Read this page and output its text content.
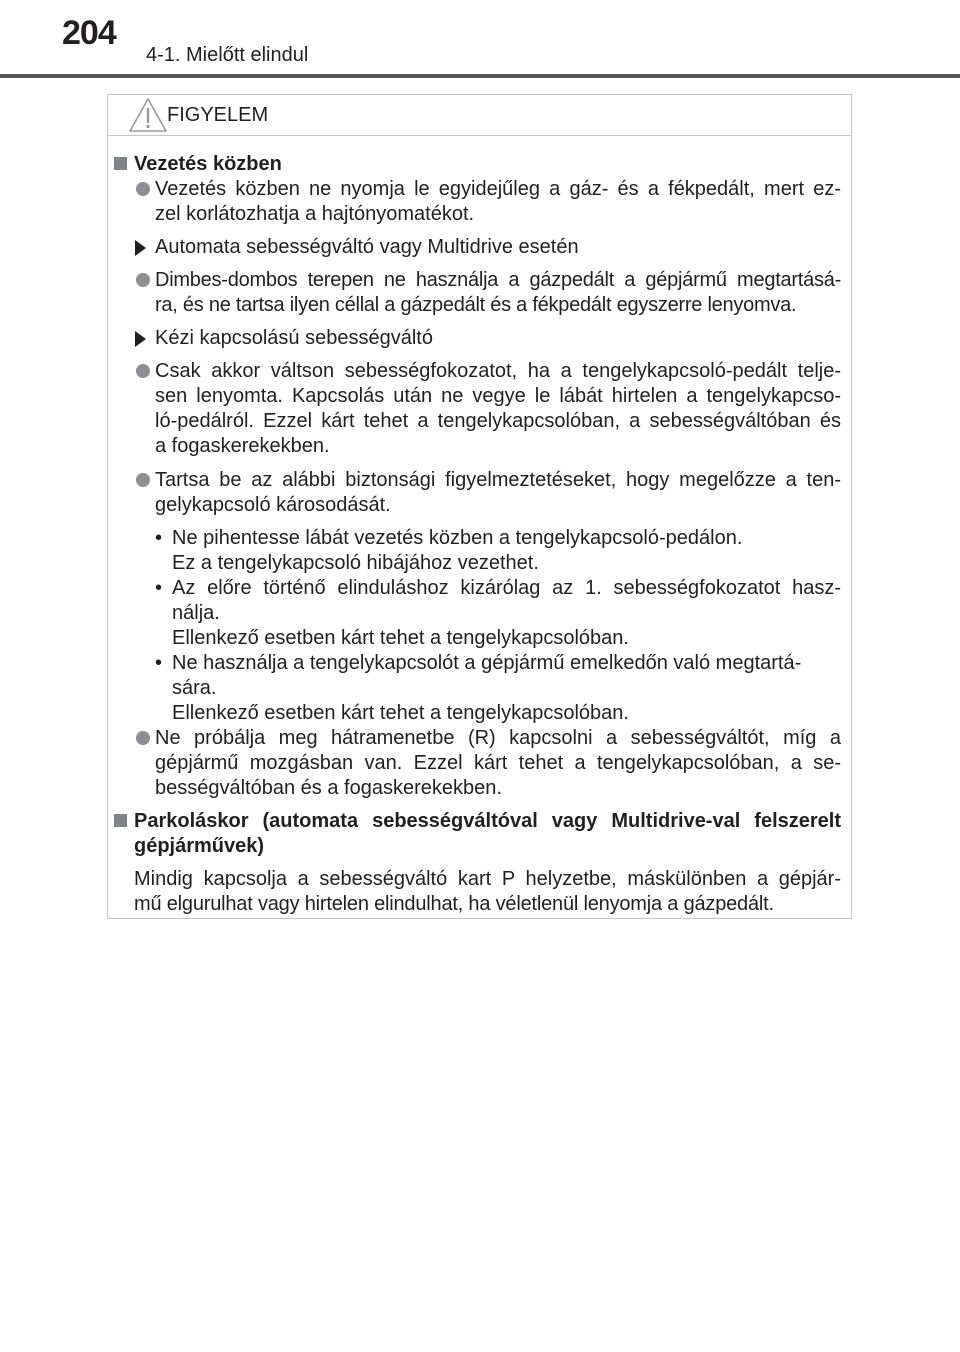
204
4-1. Mielőtt elindul
FIGYELEM
Vezetés közben
Vezetés közben ne nyomja le egyidejűleg a gáz- és a fékpedált, mert ez-
zel korlátozhatja a hajtónyomatékot.
Automata sebességváltó vagy Multidrive esetén
Dimbes-dombos terepen ne használja a gázpedált a gépjármű megtartásá-
ra, és ne tartsa ilyen céllal a gázpedált és a fékpedált egyszerre lenyomva.
Kézi kapcsolású sebességváltó
Csak akkor váltson sebességfokozatot, ha a tengelykapcsoló-pedált telje-
sen lenyomta. Kapcsolás után ne vegye le lábát hirtelen a tengelykapcso-
ló-pedálról. Ezzel kárt tehet a tengelykapcsolóban, a sebességváltóban és
a fogaskerekekben.
Tartsa be az alábbi biztonsági figyelmeztetéseket, hogy megelőzze a ten-
gelykapcsoló károsodását.
• Ne pihentesse lábát vezetés közben a tengelykapcsoló-pedálon.
Ez a tengelykapcsoló hibájához vezethet.
• Az előre történő elinduláshoz kizárólag az 1. sebességfokozatot hasz-
nálja.
Ellenkező esetben kárt tehet a tengelykapcsolóban.
• Ne használja a tengelykapcsolót a gépjármű emelkedőn való megtartá-
sára.
Ellenkező esetben kárt tehet a tengelykapcsolóban.
Ne próbálja meg hátramenetbe (R) kapcsolni a sebességváltót, míg a
gépjármű mozgásban van. Ezzel kárt tehet a tengelykapcsolóban, a se-
bességváltóban és a fogaskerekekben.
Parkoláskor (automata sebességváltóval vagy Multidrive-val felszerelt
gépjárművek)
Mindig kapcsolja a sebességváltó kart P helyzetbe, máskülönben a gépjár-
mű elgurulhat vagy hirtelen elindulhat, ha véletlenül lenyomja a gázpedált.
